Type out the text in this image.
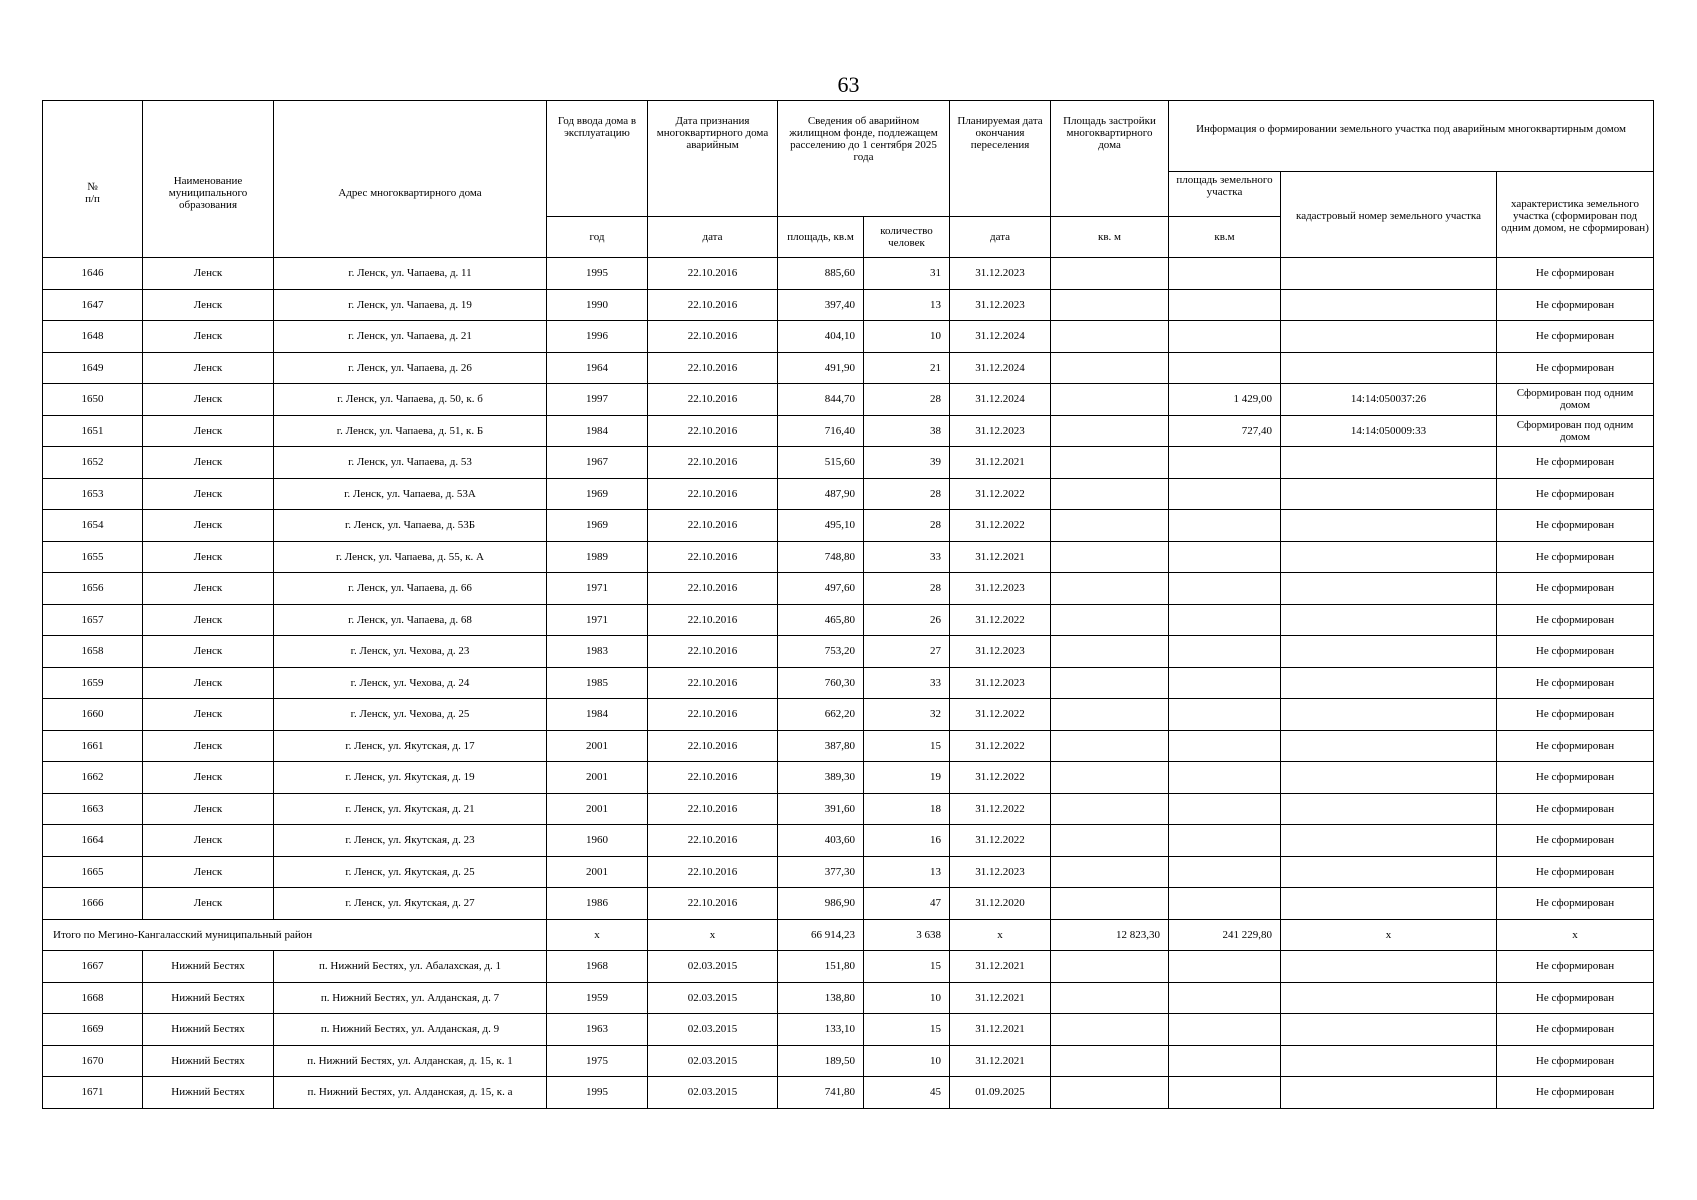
63
№
п/п	Наименование муниципального образования	Адрес многоквартирного дома	Год ввода дома в эксплуатацию	Дата признания многоквартирного дома аварийным	Сведения об аварийном жилищном фонде, подлежащем расселению до 1 сентября 2025 года		Планируемая дата окончания переселения	Площадь застройки многоквартирного дома	Информация о формировании земельного участка под аварийным многоквартирным домом		
									площадь земельного участка	кадастровый номер земельного участка	характеристика земельного участка (сформирован под одним домом, не сформирован)
			год	дата	площадь, кв.м	количество человек	дата	кв. м	кв.м		
1646	Ленск	г. Ленск, ул. Чапаева, д. 11	1995	22.10.2016	885,60	31	31.12.2023				Не сформирован
1647	Ленск	г. Ленск, ул. Чапаева, д. 19	1990	22.10.2016	397,40	13	31.12.2023				Не сформирован
1648	Ленск	г. Ленск, ул. Чапаева, д. 21	1996	22.10.2016	404,10	10	31.12.2024				Не сформирован
1649	Ленск	г. Ленск, ул. Чапаева, д. 26	1964	22.10.2016	491,90	21	31.12.2024				Не сформирован
1650	Ленск	г. Ленск, ул. Чапаева, д. 50, к. б	1997	22.10.2016	844,70	28	31.12.2024		1 429,00	14:14:050037:26	Сформирован под одним домом
1651	Ленск	г. Ленск, ул. Чапаева, д. 51, к. Б	1984	22.10.2016	716,40	38	31.12.2023		727,40	14:14:050009:33	Сформирован под одним домом
1652	Ленск	г. Ленск, ул. Чапаева, д. 53	1967	22.10.2016	515,60	39	31.12.2021				Не сформирован
1653	Ленск	г. Ленск, ул. Чапаева, д. 53А	1969	22.10.2016	487,90	28	31.12.2022				Не сформирован
1654	Ленск	г. Ленск, ул. Чапаева, д. 53Б	1969	22.10.2016	495,10	28	31.12.2022				Не сформирован
1655	Ленск	г. Ленск, ул. Чапаева, д. 55, к. А	1989	22.10.2016	748,80	33	31.12.2021				Не сформирован
1656	Ленск	г. Ленск, ул. Чапаева, д. 66	1971	22.10.2016	497,60	28	31.12.2023				Не сформирован
1657	Ленск	г. Ленск, ул. Чапаева, д. 68	1971	22.10.2016	465,80	26	31.12.2022				Не сформирован
1658	Ленск	г. Ленск, ул. Чехова, д. 23	1983	22.10.2016	753,20	27	31.12.2023				Не сформирован
1659	Ленск	г. Ленск, ул. Чехова, д. 24	1985	22.10.2016	760,30	33	31.12.2023				Не сформирован
1660	Ленск	г. Ленск, ул. Чехова, д. 25	1984	22.10.2016	662,20	32	31.12.2022				Не сформирован
1661	Ленск	г. Ленск, ул. Якутская, д. 17	2001	22.10.2016	387,80	15	31.12.2022				Не сформирован
1662	Ленск	г. Ленск, ул. Якутская, д. 19	2001	22.10.2016	389,30	19	31.12.2022				Не сформирован
1663	Ленск	г. Ленск, ул. Якутская, д. 21	2001	22.10.2016	391,60	18	31.12.2022				Не сформирован
1664	Ленск	г. Ленск, ул. Якутская, д. 23	1960	22.10.2016	403,60	16	31.12.2022				Не сформирован
1665	Ленск	г. Ленск, ул. Якутская, д. 25	2001	22.10.2016	377,30	13	31.12.2023				Не сформирован
1666	Ленск	г. Ленск, ул. Якутская, д. 27	1986	22.10.2016	986,90	47	31.12.2020				Не сформирован
Итого по Мегино-Кангаласский муниципальный район			х	х	66 914,23	3 638	х	12 823,30	241 229,80	х	х
1667	Нижний Бестях	п. Нижний Бестях, ул. Абалахская, д. 1	1968	02.03.2015	151,80	15	31.12.2021				Не сформирован
1668	Нижний Бестях	п. Нижний Бестях, ул. Алданская, д. 7	1959	02.03.2015	138,80	10	31.12.2021				Не сформирован
1669	Нижний Бестях	п. Нижний Бестях, ул. Алданская, д. 9	1963	02.03.2015	133,10	15	31.12.2021				Не сформирован
1670	Нижний Бестях	п. Нижний Бестях, ул. Алданская, д. 15, к. 1	1975	02.03.2015	189,50	10	31.12.2021				Не сформирован
1671	Нижний Бестях	п. Нижний Бестях, ул. Алданская, д. 15, к. а	1995	02.03.2015	741,80	45	01.09.2025				Не сформирован
